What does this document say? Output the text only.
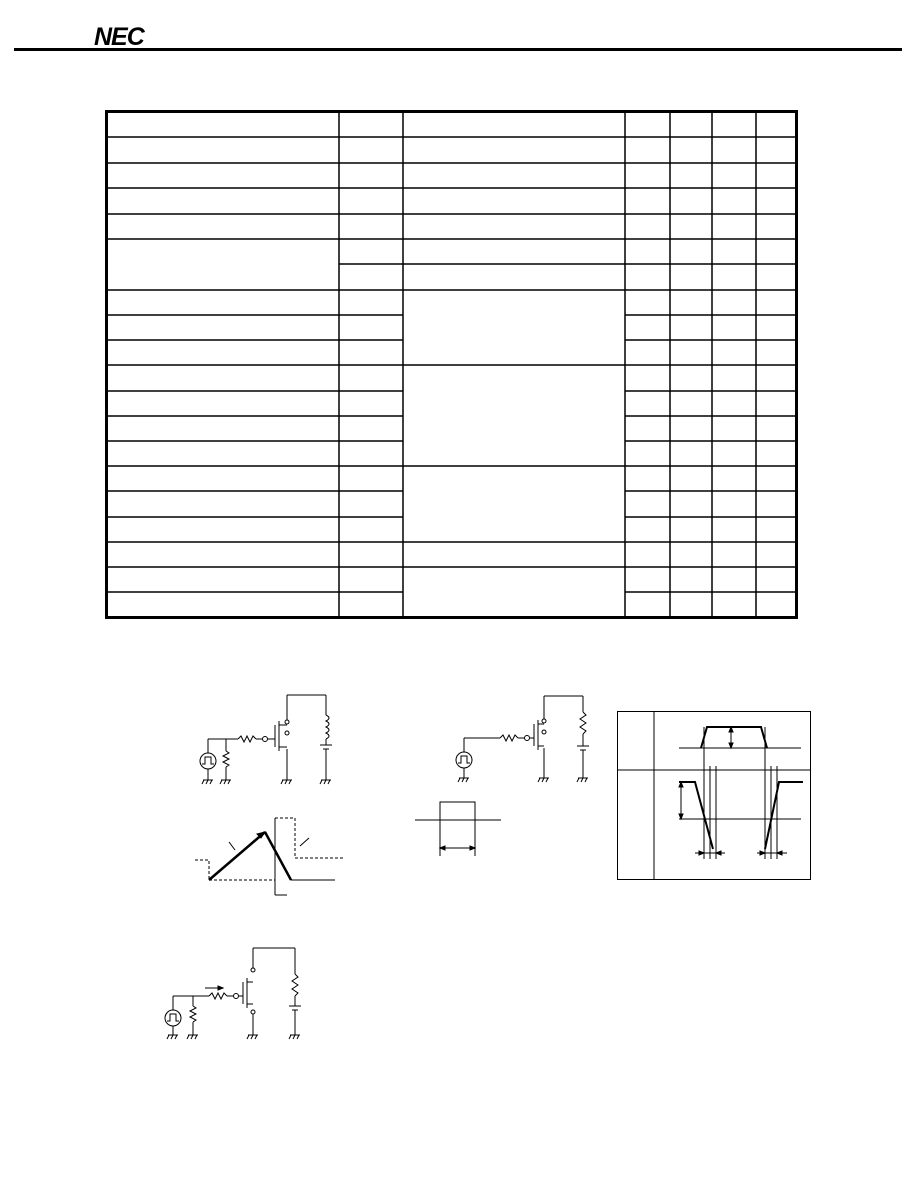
NEC
